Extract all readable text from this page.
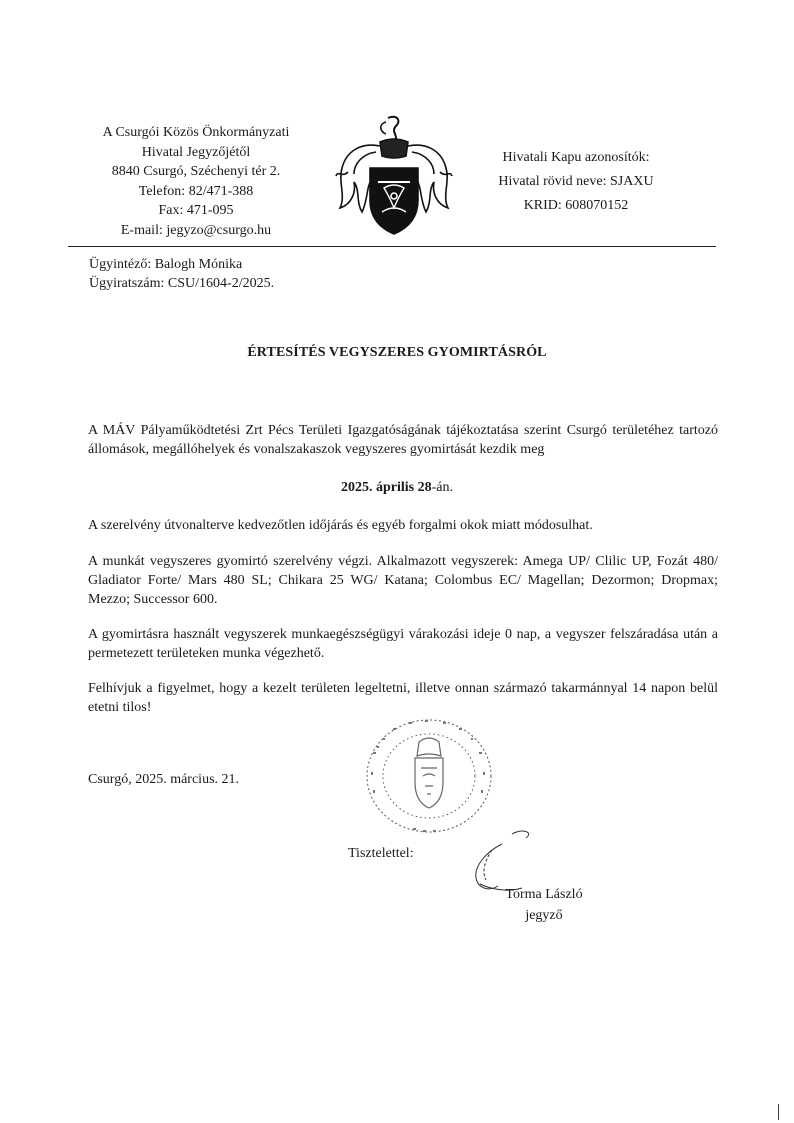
A Csurgói Közös Önkormányzati
Hivatal Jegyzőjétől
8840 Csurgó, Széchenyi tér 2.
Telefon: 82/471-388
Fax: 471-095
E-mail: jegyzo@csurgo.hu
Hivatali Kapu azonosítók:
Hivatal rövid neve: SJAXU
KRID: 608070152
Ügyintéző: Balogh Mónika
Ügyiratszám: CSU/1604-2/2025.
ÉRTESÍTÉS VEGYSZERES GYOMIRTÁSRÓL
A MÁV Pályaműködtetési Zrt Pécs Területi Igazgatóságának tájékoztatása szerint Csurgó területéhez tartozó állomások, megállóhelyek és vonalszakaszok vegyszeres gyomirtását kezdik meg
2025. április 28-án.
A szerelvény útvonalterve kedvezőtlen időjárás és egyéb forgalmi okok miatt módosulhat.
A munkát vegyszeres gyomirtó szerelvény végzi. Alkalmazott vegyszerek: Amega UP/ Clilic UP, Fozát 480/ Gladiator Forte/ Mars 480 SL; Chikara 25 WG/ Katana; Colombus EC/ Magellan; Dezormon; Dropmax; Mezzo; Successor 600.
A gyomirtásra használt vegyszerek munkaegészségügyi várakozási ideje 0 nap, a vegyszer felszáradása után a permetezett területeken munka végezhető.
Felhívjuk a figyelmet, hogy a kezelt területen legeltetni, illetve onnan származó takarmánnyal 14 napon belül etetni tilos!
Csurgó, 2025. március. 21.
Tisztelettel:
Torma László
jegyző
